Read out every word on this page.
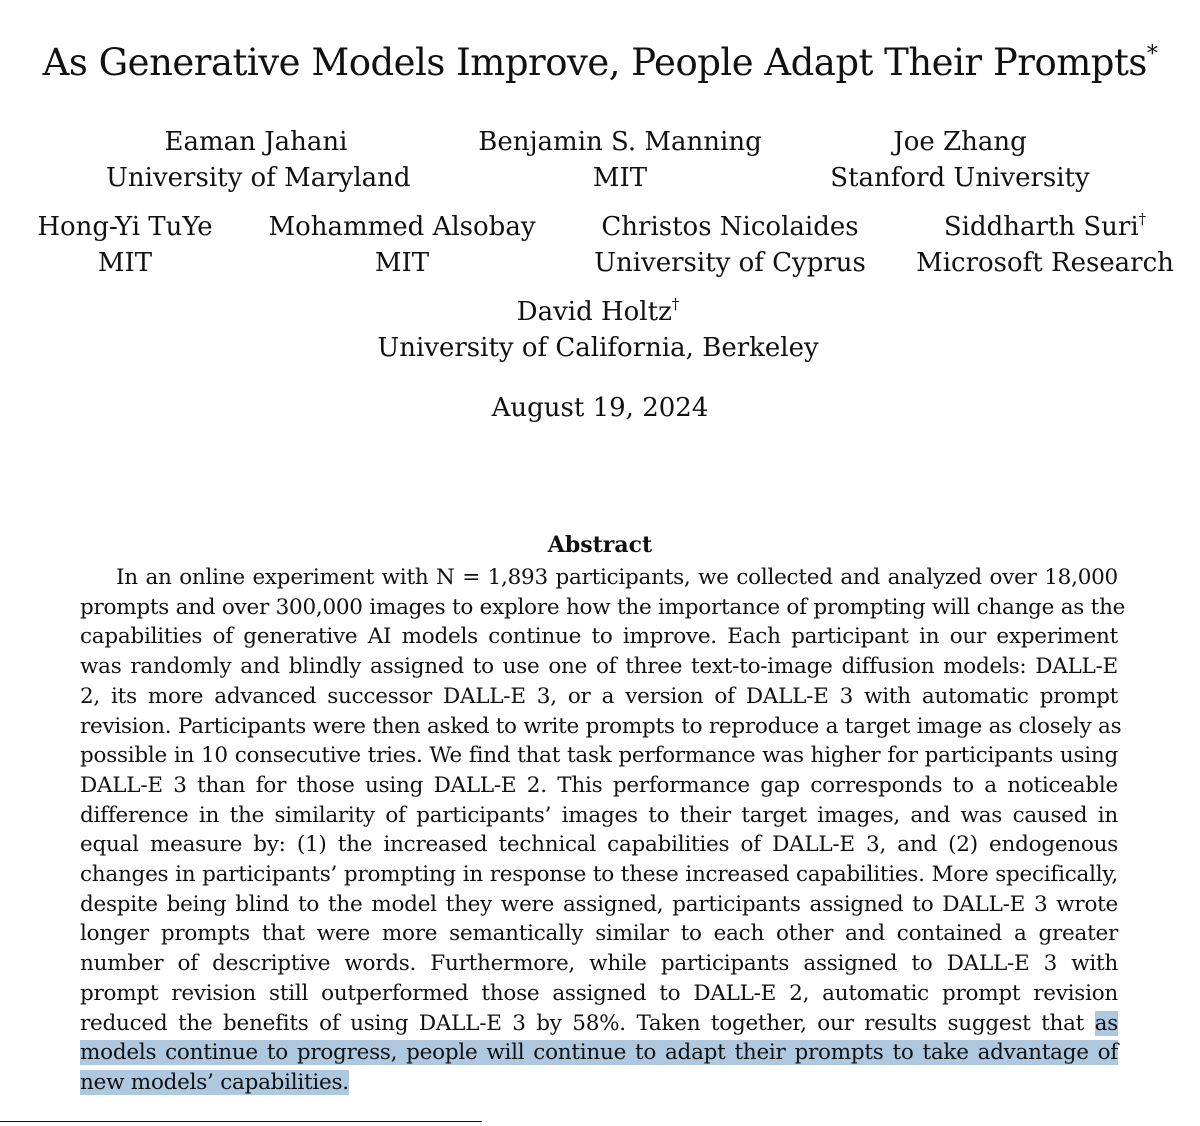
As Generative Models Improve, People Adapt Their Prompts*
Eaman Jahani
University of Maryland
Benjamin S. Manning
MIT
Joe Zhang
Stanford University
Hong-Yi TuYe
MIT
Mohammed Alsobay
MIT
Christos Nicolaides
University of Cyprus
Siddharth Suri†
Microsoft Research
David Holtz†
University of California, Berkeley
August 19, 2024
Abstract
In an online experiment with N = 1,893 participants, we collected and analyzed over 18,000
prompts and over 300,000 images to explore how the importance of prompting will change as the
capabilities of generative AI models continue to improve. Each participant in our experiment
was randomly and blindly assigned to use one of three text-to-image diffusion models: DALL-E
2, its more advanced successor DALL-E 3, or a version of DALL-E 3 with automatic prompt
revision. Participants were then asked to write prompts to reproduce a target image as closely as
possible in 10 consecutive tries. We find that task performance was higher for participants using
DALL-E 3 than for those using DALL-E 2. This performance gap corresponds to a noticeable
difference in the similarity of participants’ images to their target images, and was caused in
equal measure by: (1) the increased technical capabilities of DALL-E 3, and (2) endogenous
changes in participants’ prompting in response to these increased capabilities. More specifically,
despite being blind to the model they were assigned, participants assigned to DALL-E 3 wrote
longer prompts that were more semantically similar to each other and contained a greater
number of descriptive words. Furthermore, while participants assigned to DALL-E 3 with
prompt revision still outperformed those assigned to DALL-E 2, automatic prompt revision
reduced the benefits of using DALL-E 3 by 58%. Taken together, our results suggest that as
models continue to progress, people will continue to adapt their prompts to take advantage of
new models’ capabilities.
